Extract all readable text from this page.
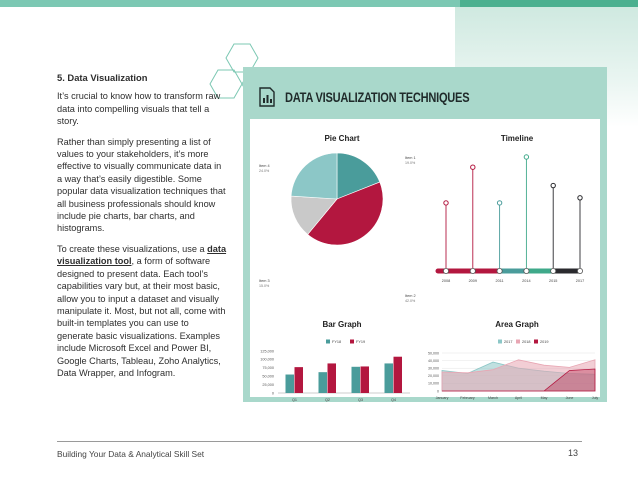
5. Data Visualization

It’s crucial to know how to transform raw data into compelling visuals that tell a story.

Rather than simply presenting a list of values to your stakeholders, it’s more effective to visually communicate data in a way that’s easily digestible. Some popular data visualization techniques that all business professionals should know include pie charts, bar charts, and histograms.

To create these visualizations, use a data visualization tool, a form of software designed to present data. Each tool’s capabilities vary but, at their most basic, allow you to input a dataset and visually manipulate it. Most, but not all, come with built-in templates you can use to generate basic visualizations. Examples include Microsoft Excel and Power BI, Google Charts, Tableau, Zoho Analytics, Data Wrapper, and Infogram.

DATA VISUALIZATION TECHNIQUES
Pie Chart
Item 1
19.0%
Item 2
42.0%
Item 3
15.0%
Item 4
24.0%
Timeline
2008	2009	2011	2014	2015	2017
Bar Graph
0
25,000
50,000
75,000
100,000
125,000
FY18	FY19
Q1	Q2	Q3	Q4
Area Graph
0
10,000
20,000
30,000
40,000
50,000
2017	2018	2019
January	February	March	April	May	June	July
Building Your Data & Analytical Skill Set	13
